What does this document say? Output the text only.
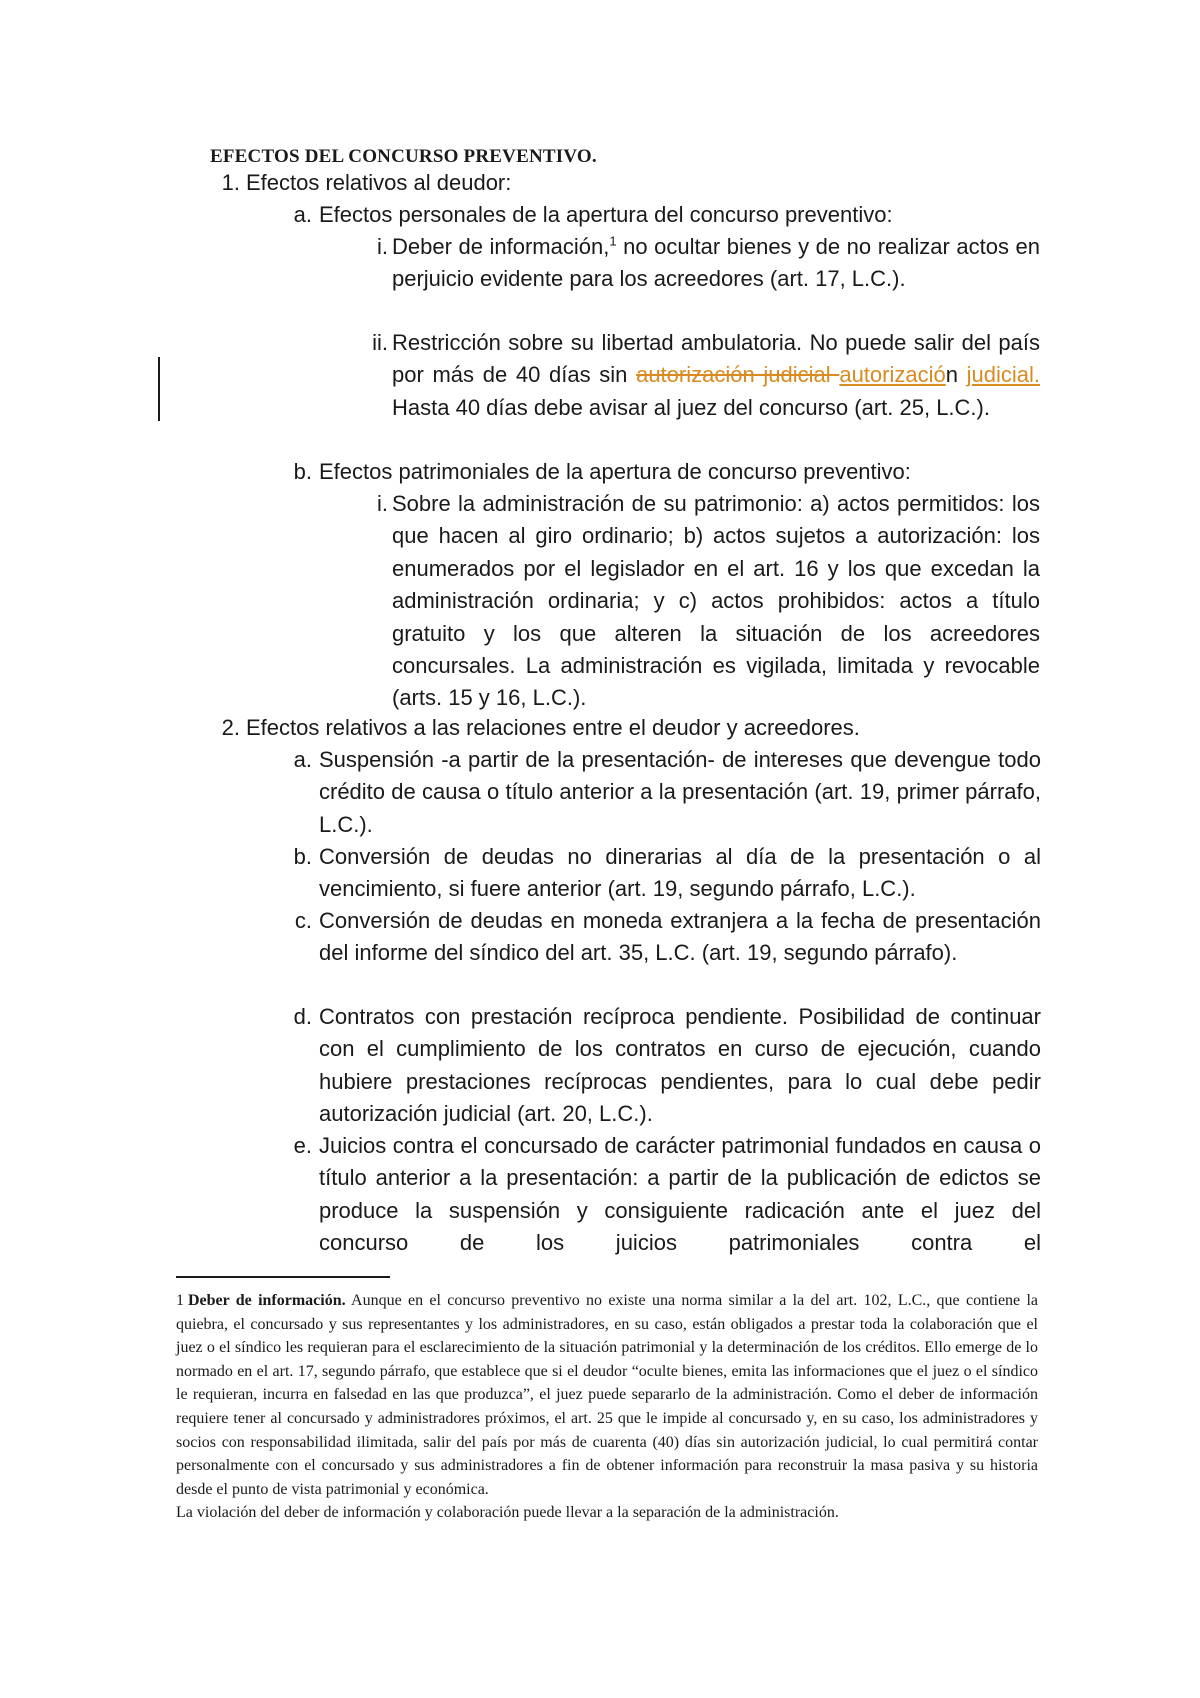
EFECTOS DEL CONCURSO PREVENTIVO.
1. Efectos relativos al deudor:
a. Efectos personales de la apertura del concurso preventivo:
i. Deber de información,$^1$ no ocultar bienes y de no realizar actos en perjuicio evidente para los acreedores (art. 17, L.C.).
ii. Restricción sobre su libertad ambulatoria. No puede salir del país por más de 40 días sin autorización judicial autorización judicial. Hasta 40 días debe avisar al juez del concurso (art. 25, L.C.).
b. Efectos patrimoniales de la apertura de concurso preventivo:
i. Sobre la administración de su patrimonio: a) actos permitidos: los que hacen al giro ordinario; b) actos sujetos a autorización: los enumerados por el legislador en el art. 16 y los que excedan la administración ordinaria; y c) actos prohibidos: actos a título gratuito y los que alteren la situación de los acreedores concursales. La administración es vigilada, limitada y revocable (arts. 15 y 16, L.C.).
2. Efectos relativos a las relaciones entre el deudor y acreedores.
a. Suspensión -a partir de la presentación- de intereses que devengue todo crédito de causa o título anterior a la presentación (art. 19, primer párrafo, L.C.).
b. Conversión de deudas no dinerarias al día de la presentación o al vencimiento, si fuere anterior (art. 19, segundo párrafo, L.C.).
c. Conversión de deudas en moneda extranjera a la fecha de presentación del informe del síndico del art. 35, L.C. (art. 19, segundo párrafo).
d. Contratos con prestación recíproca pendiente. Posibilidad de continuar con el cumplimiento de los contratos en curso de ejecución, cuando hubiere prestaciones recíprocas pendientes, para lo cual debe pedir autorización judicial (art. 20, L.C.).
e. Juicios contra el concursado de carácter patrimonial fundados en causa o título anterior a la presentación: a partir de la publicación de edictos se produce la suspensión y consiguiente radicación ante el juez del concurso de los juicios patrimoniales contra el
1 Deber de información. Aunque en el concurso preventivo no existe una norma similar a la del art. 102, L.C., que contiene la quiebra, el concursado y sus representantes y los administradores, en su caso, están obligados a prestar toda la colaboración que el juez o el síndico les requieran para el esclarecimiento de la situación patrimonial y la determinación de los créditos. Ello emerge de lo normado en el art. 17, segundo párrafo, que establece que si el deudor “oculte bienes, emita las informaciones que el juez o el síndico le requieran, incurra en falsedad en las que produzca”, el juez puede separarlo de la administración. Como el deber de información requiere tener al concursado y administradores próximos, el art. 25 que le impide al concursado y, en su caso, los administradores y socios con responsabilidad ilimitada, salir del país por más de cuarenta (40) días sin autorización judicial, lo cual permitirá contar personalmente con el concursado y sus administradores a fin de obtener información para reconstruir la masa pasiva y su historia desde el punto de vista patrimonial y económica.

La violación del deber de información y colaboración puede llevar a la separación de la administración.
